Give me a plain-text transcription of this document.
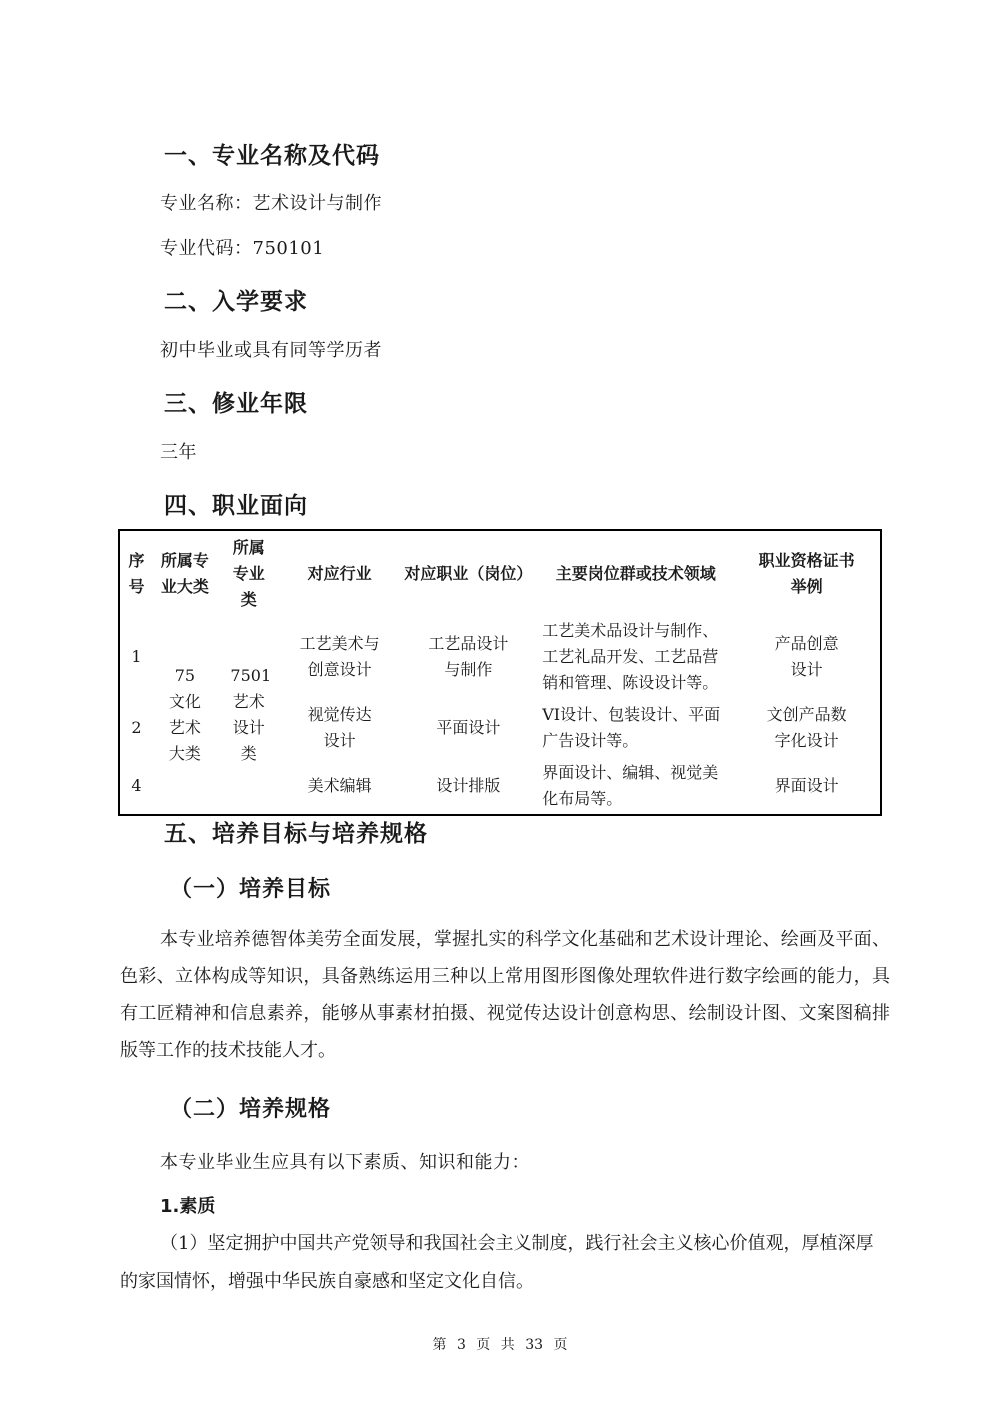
一、专业名称及代码
专业名称：艺术设计与制作
专业代码：750101
二、入学要求
初中毕业或具有同等学历者
三、修业年限
三年
四、职业面向
序号	所属专业大类	所属专业类	对应行业	对应职业（岗位）	主要岗位群或技术领域	职业资格证书举例

1	75 文化艺术大类	7501 艺术设计类	工艺美术与创意设计	工艺品设计与制作	工艺美术品设计与制作、工艺礼品开发、工艺品营销和管理、陈设设计等。	产品创意设计

2			视觉传达设计	平面设计	VI设计、包装设计、平面广告设计等。	文创产品数字化设计

4			美术编辑	设计排版	界面设计、编辑、视觉美化布局等。	界面设计
五、培养目标与培养规格
（一）培养目标

本专业培养德智体美劳全面发展，掌握扎实的科学文化基础和艺术设计理论、绘画及平面、色彩、立体构成等知识，具备熟练运用三种以上常用图形图像处理软件进行数字绘画的能力，具有工匠精神和信息素养，能够从事素材拍摄、视觉传达设计创意构思、绘制设计图、文案图稿排版等工作的技术技能人才。

（二）培养规格
本专业毕业生应具有以下素质、知识和能力：
1.素质

（1）坚定拥护中国共产党领导和我国社会主义制度，践行社会主义核心价值观，厚植深厚的家国情怀，增强中华民族自豪感和坚定文化自信。

第 3 页 共 33 页
